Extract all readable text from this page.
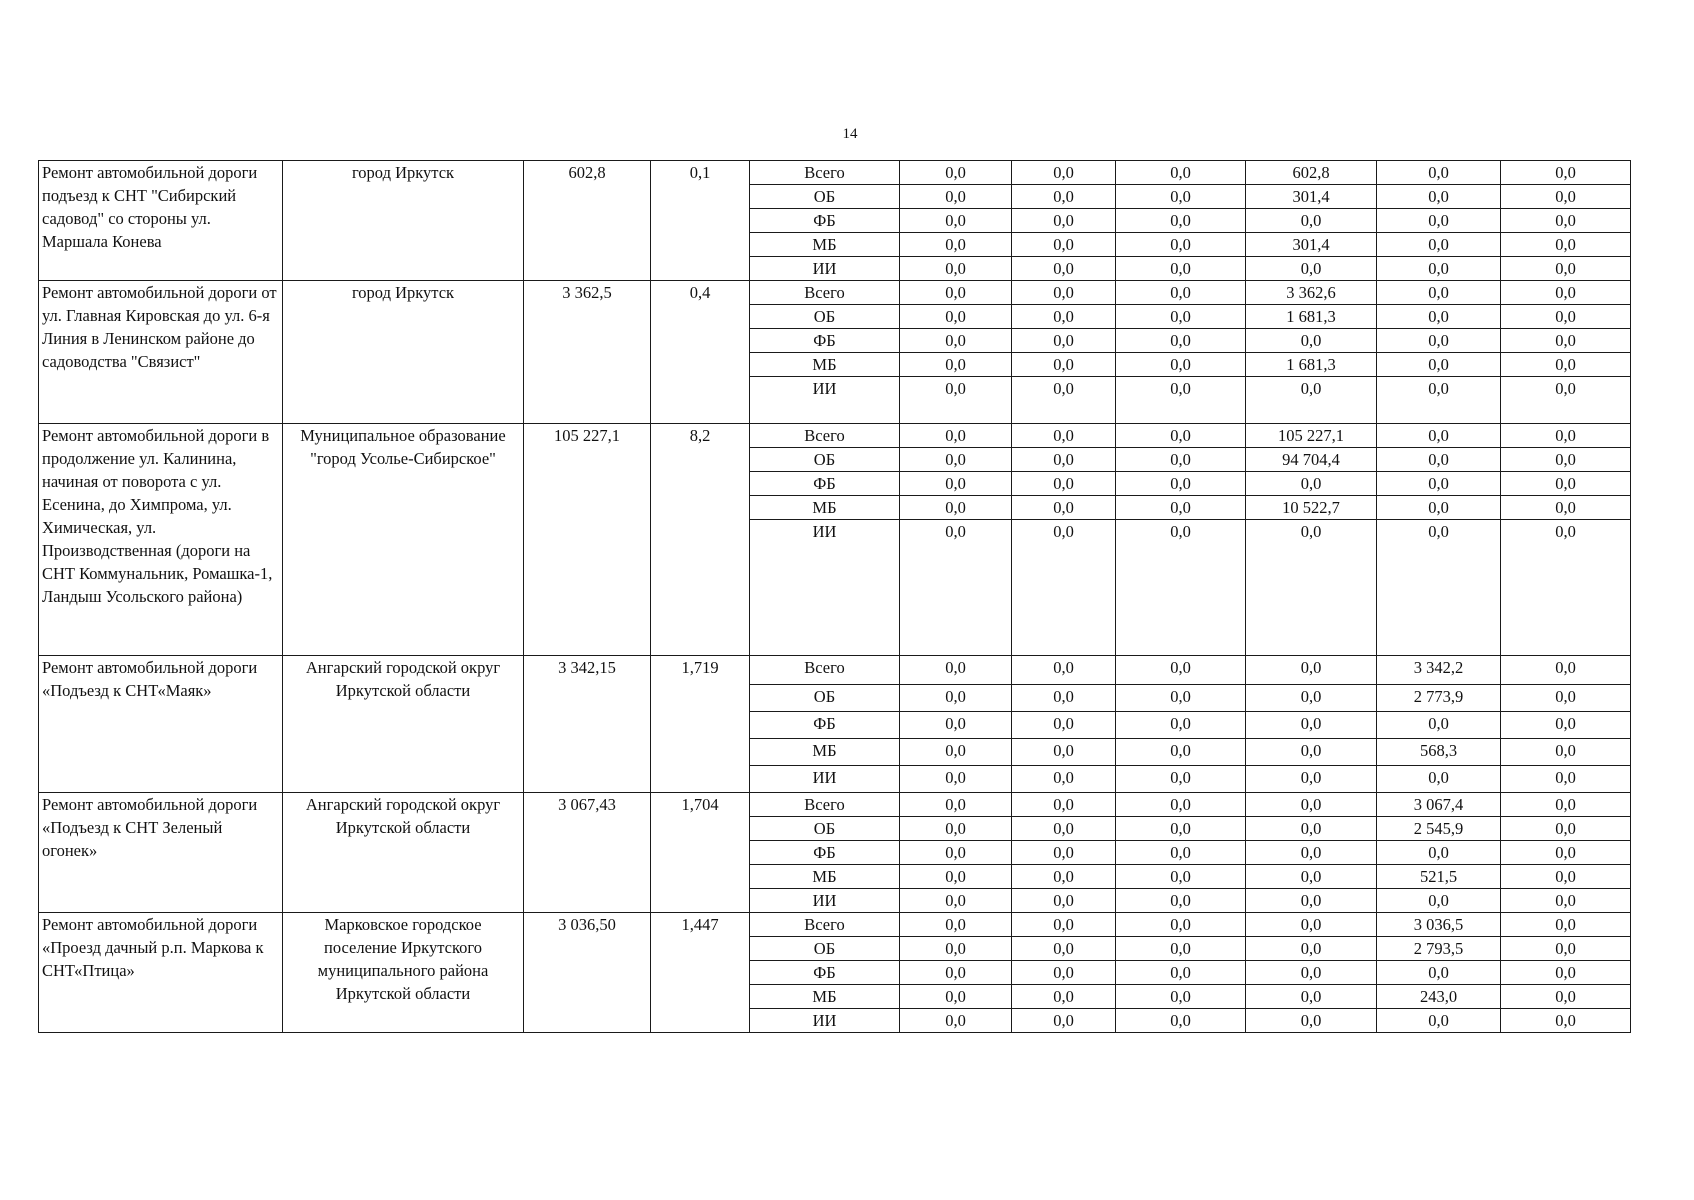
14
Ремонт автомобильной дороги подъезд к СНТ "Сибирский садовод" со стороны ул. Маршала Конева	город Иркутск	602,8	0,1	Всего	0,0	0,0	0,0	602,8	0,0	0,0
				ОБ	0,0	0,0	0,0	301,4	0,0	0,0
				ФБ	0,0	0,0	0,0	0,0	0,0	0,0
				МБ	0,0	0,0	0,0	301,4	0,0	0,0
				ИИ	0,0	0,0	0,0	0,0	0,0	0,0
Ремонт автомобильной дороги от ул. Главная Кировская до ул. 6-я Линия в Ленинском районе до садоводства "Связист"	город Иркутск	3 362,5	0,4	Всего	0,0	0,0	0,0	3 362,6	0,0	0,0
				ОБ	0,0	0,0	0,0	1 681,3	0,0	0,0
				ФБ	0,0	0,0	0,0	0,0	0,0	0,0
				МБ	0,0	0,0	0,0	1 681,3	0,0	0,0
				ИИ	0,0	0,0	0,0	0,0	0,0	0,0
Ремонт автомобильной дороги в продолжение ул. Калинина, начиная от поворота с ул. Есенина, до Химпрома, ул. Химическая, ул. Производственная (дороги на СНТ Коммунальник, Ромашка-1, Ландыш Усольского района)	Муниципальное образование "город Усолье-Сибирское"	105 227,1	8,2	Всего	0,0	0,0	0,0	105 227,1	0,0	0,0
				ОБ	0,0	0,0	0,0	94 704,4	0,0	0,0
				ФБ	0,0	0,0	0,0	0,0	0,0	0,0
				МБ	0,0	0,0	0,0	10 522,7	0,0	0,0
				ИИ	0,0	0,0	0,0	0,0	0,0	0,0
Ремонт автомобильной дороги «Подъезд к СНТ«Маяк»	Ангарский городской округ Иркутской области	3 342,15	1,719	Всего	0,0	0,0	0,0	0,0	3 342,2	0,0
				ОБ	0,0	0,0	0,0	0,0	2 773,9	0,0
				ФБ	0,0	0,0	0,0	0,0	0,0	0,0
				МБ	0,0	0,0	0,0	0,0	568,3	0,0
				ИИ	0,0	0,0	0,0	0,0	0,0	0,0
Ремонт автомобильной дороги «Подъезд к СНТ Зеленый огонек»	Ангарский городской округ Иркутской области	3 067,43	1,704	Всего	0,0	0,0	0,0	0,0	3 067,4	0,0
				ОБ	0,0	0,0	0,0	0,0	2 545,9	0,0
				ФБ	0,0	0,0	0,0	0,0	0,0	0,0
				МБ	0,0	0,0	0,0	0,0	521,5	0,0
				ИИ	0,0	0,0	0,0	0,0	0,0	0,0
Ремонт автомобильной дороги «Проезд дачный р.п. Маркова к СНТ«Птица»	Марковское городское поселение Иркутского муниципального района Иркутской области	3 036,50	1,447	Всего	0,0	0,0	0,0	0,0	3 036,5	0,0
				ОБ	0,0	0,0	0,0	0,0	2 793,5	0,0
				ФБ	0,0	0,0	0,0	0,0	0,0	0,0
				МБ	0,0	0,0	0,0	0,0	243,0	0,0
				ИИ	0,0	0,0	0,0	0,0	0,0	0,0
